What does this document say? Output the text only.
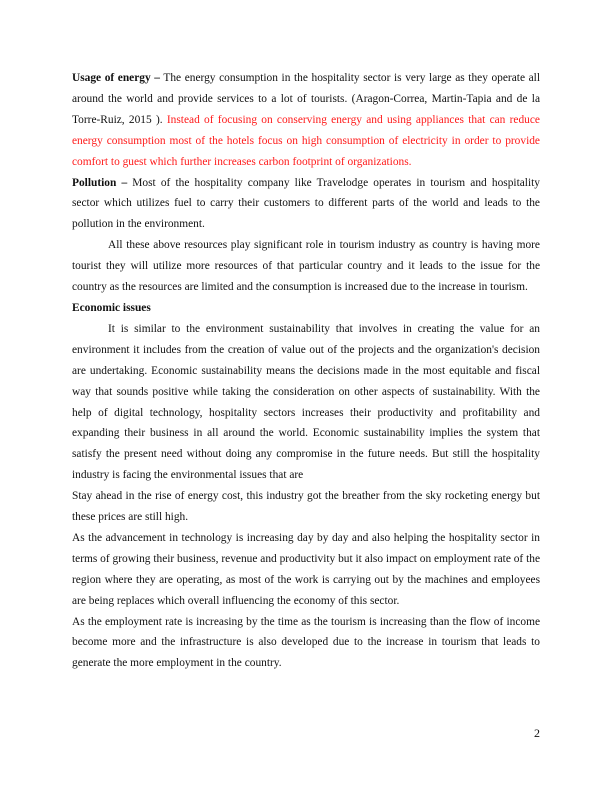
Usage of energy – The energy consumption in the hospitality sector is very large as they operate all around the world and provide services to a lot of tourists. (Aragon-Correa, Martin-Tapia and de la Torre-Ruiz, 2015 ). Instead of focusing on conserving energy and using appliances that can reduce energy consumption most of the hotels focus on high consumption of electricity in order to provide comfort to guest which further increases carbon footprint of organizations.

Pollution – Most of the hospitality company like Travelodge operates in tourism and hospitality sector which utilizes fuel to carry their customers to different parts of the world and leads to the pollution in the environment.

All these above resources play significant role in tourism industry as country is having more tourist they will utilize more resources of that particular country and it leads to the issue for the country as the resources are limited and the consumption is increased due to the increase in tourism.

Economic issues

It is similar to the environment sustainability that involves in creating the value for an environment it includes from the creation of value out of the projects and the organization's decision are undertaking. Economic sustainability means the decisions made in the most equitable and fiscal way that sounds positive while taking the consideration on other aspects of sustainability. With the help of digital technology, hospitality sectors increases their productivity and profitability and expanding their business in all around the world. Economic sustainability implies the system that satisfy the present need without doing any compromise in the future needs. But still the hospitality industry is facing the environmental issues that are

Stay ahead in the rise of energy cost, this industry got the breather from the sky rocketing energy but these prices are still high.

As the advancement in technology is increasing day by day and also helping the hospitality sector in terms of growing their business, revenue and productivity but it also impact on employment rate of the region where they are operating, as most of the work is carrying out by the machines and employees are being replaces which overall influencing the economy of this sector.

As the employment rate is increasing by the time as the tourism is increasing than the flow of income become more and the infrastructure is also developed due to the increase in tourism that leads to generate the more employment in the country.

2
